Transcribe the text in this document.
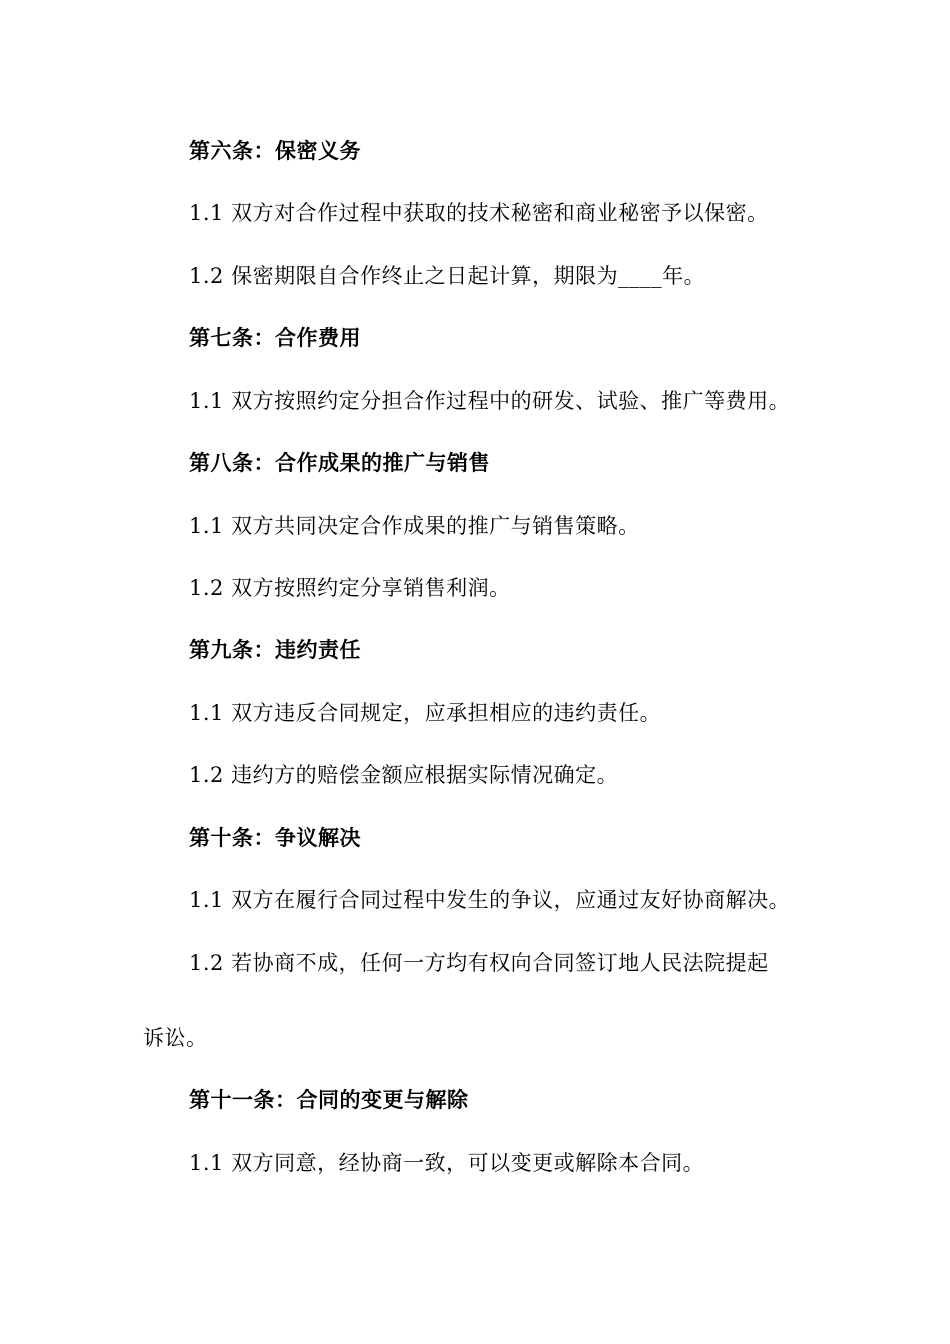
第六条：保密义务
1.1 双方对合作过程中获取的技术秘密和商业秘密予以保密。
1.2 保密期限自合作终止之日起计算，期限为____年。
第七条：合作费用
1.1 双方按照约定分担合作过程中的研发、试验、推广等费用。
第八条：合作成果的推广与销售
1.1 双方共同决定合作成果的推广与销售策略。
1.2 双方按照约定分享销售利润。
第九条：违约责任
1.1 双方违反合同规定，应承担相应的违约责任。
1.2 违约方的赔偿金额应根据实际情况确定。
第十条：争议解决
1.1 双方在履行合同过程中发生的争议，应通过友好协商解决。
1.2 若协商不成，任何一方均有权向合同签订地人民法院提起
诉讼。
第十一条：合同的变更与解除
1.1 双方同意，经协商一致，可以变更或解除本合同。
